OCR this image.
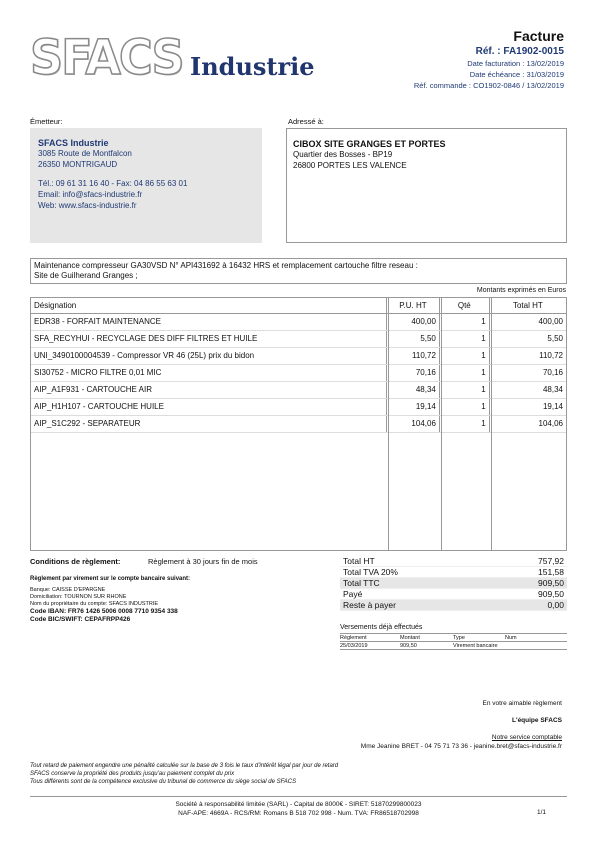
SFACS Industrie
Facture
Réf. : FA1902-0015
Date facturation : 13/02/2019
Date échéance : 31/03/2019
Réf. commande : CO1902-0846 / 13/02/2019
Émetteur:	Adressé à:
SFACS Industrie
3085 Route de Montfalcon
26350 MONTRIGAUD
Tél.: 09 61 31 16 40 - Fax: 04 86 55 63 01
Email: info@sfacs-industrie.fr
Web: www.sfacs-industrie.fr
CIBOX SITE GRANGES ET PORTES
Quartier des Bosses - BP19
26800 PORTES LES VALENCE
Maintenance compresseur GA30VSD N° API431692 à 16432 HRS et remplacement cartouche filtre reseau :
Site de Guilherand Granges ;
Montants exprimés en Euros
Désignation	P.U. HT	Qté	Total HT
EDR38 - FORFAIT MAINTENANCE	400,00	1	400,00
SFA_RECYHUI - RECYCLAGE DES DIFF FILTRES ET HUILE	5,50	1	5,50
UNI_3490100004539 - Compressor VR 46 (25L) prix du bidon	110,72	1	110,72
SI30752 - MICRO FILTRE 0,01 MIC	70,16	1	70,16
AIP_A1F931 - CARTOUCHE AIR	48,34	1	48,34
AIP_H1H107 - CARTOUCHE HUILE	19,14	1	19,14
AIP_S1C292 - SEPARATEUR	104,06	1	104,06
Conditions de règlement:	Règlement à 30 jours fin de mois
Règlement par virement sur le compte bancaire suivant:
Banque: CAISSE D'EPARGNE
Domiciliation: TOURNON SUR RHONE
Nom du propriétaire du compte: SFACS INDUSTRIE
Code IBAN: FR76 1426 5006 0008 7710 9354 338
Code BIC/SWIFT: CEPAFRPP426
Total HT	757,92
Total TVA 20%	151,58
Total TTC	909,50
Payé	909,50
Reste à payer	0,00
Versements déjà effectués
Règlement	Montant	Type	Num
25/03/2019	909,50	Virement bancaire	
En votre aimable règlement
L'équipe SFACS
Notre service comptable
Mme Jeanine BRET - 04 75 71 73 36 - jeanine.bret@sfacs-industrie.fr
Tout retard de paiement engendre une pénalité calculée sur la base de 3 fois le taux d'intérêt légal par jour de retard
SFACS conserve la propriété des produits jusqu'au paiement complet du prix
Tous différents sont de la compétence exclusive du tribunal de commerce du siège social de SFACS
Société à responsabilité limitée (SARL) - Capital de 8000€ - SIRET: 51870299800023
NAF-APE: 4669A - RCS/RM: Romans B 518 702 998 - Num. TVA: FR86518702998	1/1
